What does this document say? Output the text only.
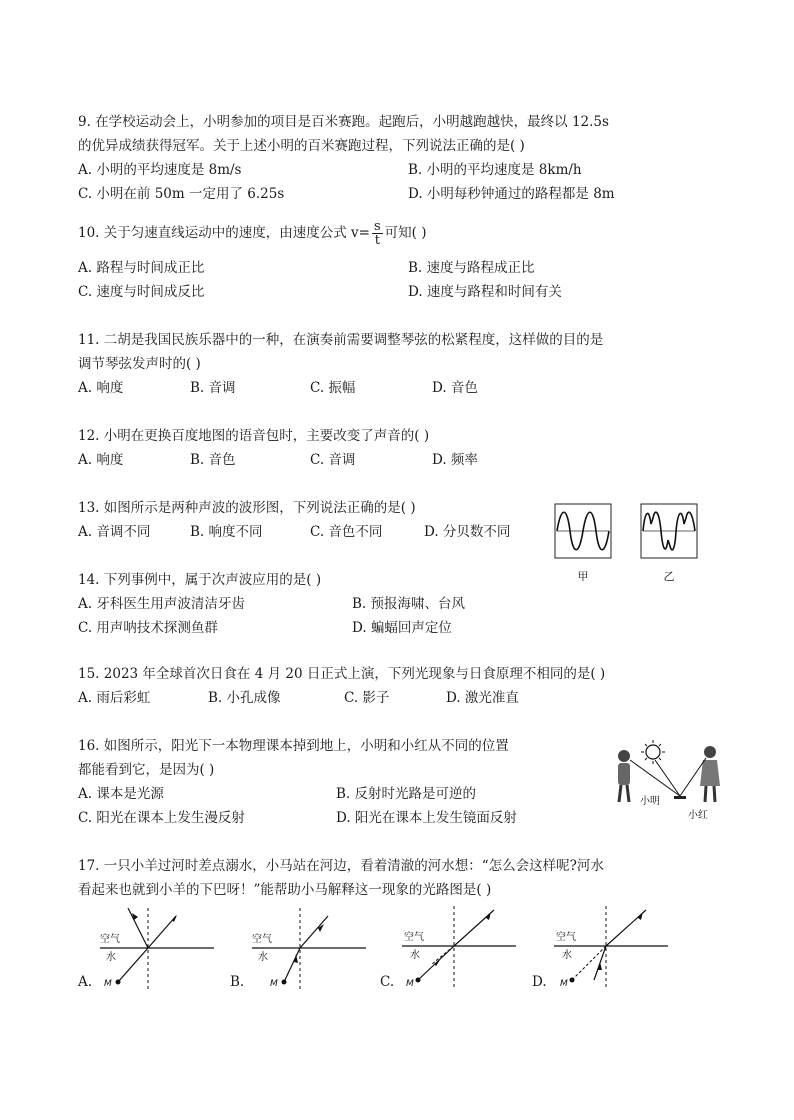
9. 在学校运动会上，小明参加的项目是百米赛跑。起跑后，小明越跑越快，最终以 12.5s
的优异成绩获得冠军。关于上述小明的百米赛跑过程，下列说法正确的是( )
A. 小明的平均速度是 8m/s	B. 小明的平均速度是 8km/h
C. 小明在前 50m 一定用了 6.25s	D. 小明每秒钟通过的路程都是 8m
10. 关于匀速直线运动中的速度，由速度公式 $v= \frac{s}{t}$ 可知( )
A. 路程与时间成正比	B. 速度与路程成正比
C. 速度与时间成反比	D. 速度与路程和时间有关
11. 二胡是我国民族乐器中的一种，在演奏前需要调整琴弦的松紧程度，这样做的目的是
调节琴弦发声时的( )
A. 响度	B. 音调	C. 振幅	D. 音色
12. 小明在更换百度地图的语音包时，主要改变了声音的( )
A. 响度	B. 音色	C. 音调	D. 频率
13. 如图所示是两种声波的波形图，下列说法正确的是( )
A. 音调不同	B. 响度不同	C. 音色不同	D. 分贝数不同
甲	乙
14. 下列事例中，属于次声波应用的是( )
A. 牙科医生用声波清洁牙齿	B. 预报海啸、台风
C. 用声呐技术探测鱼群	D. 蝙蝠回声定位
15. 2023 年全球首次日食在 4 月 20 日正式上演，下列光现象与日食原理不相同的是( )
A. 雨后彩虹	B. 小孔成像	C. 影子	D. 激光准直
16. 如图所示，阳光下一本物理课本掉到地上，小明和小红从不同的位置
都能看到它，是因为( )
A. 课本是光源	B. 反射时光路是可逆的
C. 阳光在课本上发生漫反射	D. 阳光在课本上发生镜面反射
小明
小红
17. 一只小羊过河时差点溺水，小马站在河边，看着清澈的河水想：“怎么会这样呢?河水
看起来也就到小羊的下巴呀！”能帮助小马解释这一现象的光路图是( )
A.
空气
水
M	B.
空气
水
M	C.
空气
水
M	D.
空气
水
M
